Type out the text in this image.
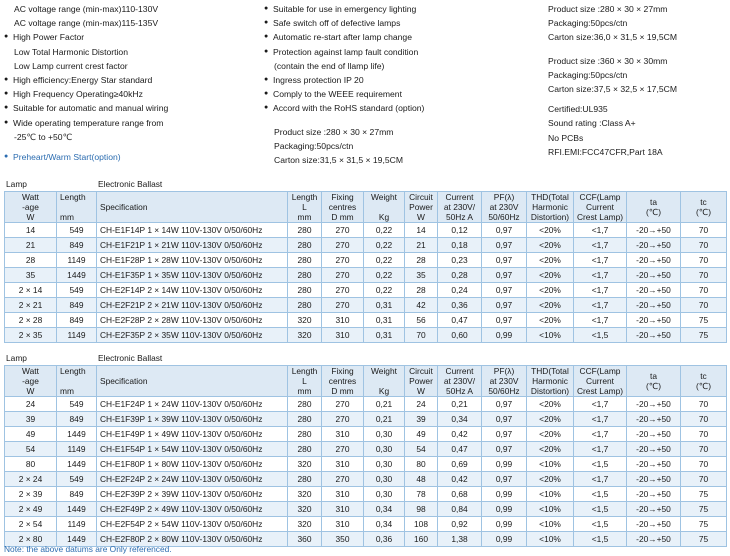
AC voltage range (min-max)110-130V
AC voltage range (min-max)115-135V
● High Power Factor
Low Total Harmonic Distortion
Low Lamp current crest factor
● High efficiency:Energy Star standard
● High Frequency Operating≥40kHz
● Suitable for automatic and manual wiring
● Wide operating temperature range from
-25℃ to +50℃
● Preheart/Warm Start(option)
● Suitable for use in emergency lighting
● Safe switch off of defective lamps
● Automatic re-start after lamp change
● Protection against lamp fault condition
(contain the end of llamp life)
● Ingress protection IP 20
● Comply to the WEEE requirement
● Accord with the RoHS standard (option)
Product size :280 × 30 × 27mm
Packaging:50pcs/ctn
Carton size:31,5 × 31,5 × 19,5CM
Product size :280 × 30 × 27mm
Packaging:50pcs/ctn
Carton size:36,0 × 31,5 × 19,5CM
Product size :360 × 30 × 30mm
Packaging:50pcs/ctn
Carton size:37,5 × 32,5 × 17,5CM
Certified:UL935
Sound rating :Class A+
No PCBs
RFI.EMI:FCC47CFR,Part 18A
Lamp	Electronic Ballast
Watt
-age
W	Length

mm	Specification	Length
L
mm	Fixing
centres
D mm	Weight

Kg	Circuit
Power
W	Current
at 230V/
50Hz A	PF(λ)
at 230V
50/60Hz	THD(Total
Harmonic
Distortion)	CCF(Lamp
Current
Crest Lamp)	ta
(℃)	tc
(℃)
14	549	CH-E1F14P 1 × 14W 110V-130V 0/50/60Hz	280	270	0,22	14	0,12	0,97	<20%	<1,7	-20→+50	70
21	849	CH-E1F21P 1 × 21W 110V-130V 0/50/60Hz	280	270	0,22	21	0,18	0,97	<20%	<1,7	-20→+50	70
28	1149	CH-E1F28P 1 × 28W 110V-130V 0/50/60Hz	280	270	0,22	28	0,23	0,97	<20%	<1,7	-20→+50	70
35	1449	CH-E1F35P 1 × 35W 110V-130V 0/50/60Hz	280	270	0,22	35	0,28	0,97	<20%	<1,7	-20→+50	70
2 × 14	549	CH-E2F14P 2 × 14W 110V-130V 0/50/60Hz	280	270	0,22	28	0,24	0,97	<20%	<1,7	-20→+50	70
2 × 21	849	CH-E2F21P 2 × 21W 110V-130V 0/50/60Hz	280	270	0,31	42	0,36	0,97	<20%	<1,7	-20→+50	70
2 × 28	849	CH-E2F28P 2 × 28W 110V-130V 0/50/60Hz	320	310	0,31	56	0,47	0,97	<20%	<1,7	-20→+50	75
2 × 35	1149	CH-E2F35P 2 × 35W 110V-130V 0/50/60Hz	320	310	0,31	70	0,60	0,99	<10%	<1,5	-20→+50	75
Lamp	Electronic Ballast
Watt
-age
W	Length

mm	Specification	Length
L
mm	Fixing
centres
D mm	Weight

Kg	Circuit
Power
W	Current
at 230V/
50Hz A	PF(λ)
at 230V
50/60Hz	THD(Total
Harmonic
Distortion)	CCF(Lamp
Current
Crest Lamp)	ta
(℃)	tc
(℃)
24	549	CH-E1F24P 1 × 24W 110V-130V 0/50/60Hz	280	270	0,21	24	0,21	0,97	<20%	<1,7	-20→+50	70
39	849	CH-E1F39P 1 × 39W 110V-130V 0/50/60Hz	280	270	0,21	39	0,34	0,97	<20%	<1,7	-20→+50	70
49	1449	CH-E1F49P 1 × 49W 110V-130V 0/50/60Hz	280	310	0,30	49	0,42	0,97	<20%	<1,7	-20→+50	70
54	1149	CH-E1F54P 1 × 54W 110V-130V 0/50/60Hz	280	270	0,30	54	0,47	0,97	<20%	<1,7	-20→+50	70
80	1449	CH-E1F80P 1 × 80W 110V-130V 0/50/60Hz	320	310	0,30	80	0,69	0,99	<10%	<1,5	-20→+50	70
2 × 24	549	CH-E2F24P 2 × 24W 110V-130V 0/50/60Hz	280	270	0,30	48	0,42	0,97	<20%	<1,7	-20→+50	70
2 × 39	849	CH-E2F39P 2 × 39W 110V-130V 0/50/60Hz	320	310	0,30	78	0,68	0,99	<10%	<1,5	-20→+50	75
2 × 49	1449	CH-E2F49P 2 × 49W 110V-130V 0/50/60Hz	320	310	0,34	98	0,84	0,99	<10%	<1,5	-20→+50	75
2 × 54	1149	CH-E2F54P 2 × 54W 110V-130V 0/50/60Hz	320	310	0,34	108	0,92	0,99	<10%	<1,5	-20→+50	75
2 × 80	1449	CH-E2F80P 2 × 80W 110V-130V 0/50/60Hz	360	350	0,36	160	1,38	0,99	<10%	<1,5	-20→+50	75
Note: the above datums are Only referenced.
